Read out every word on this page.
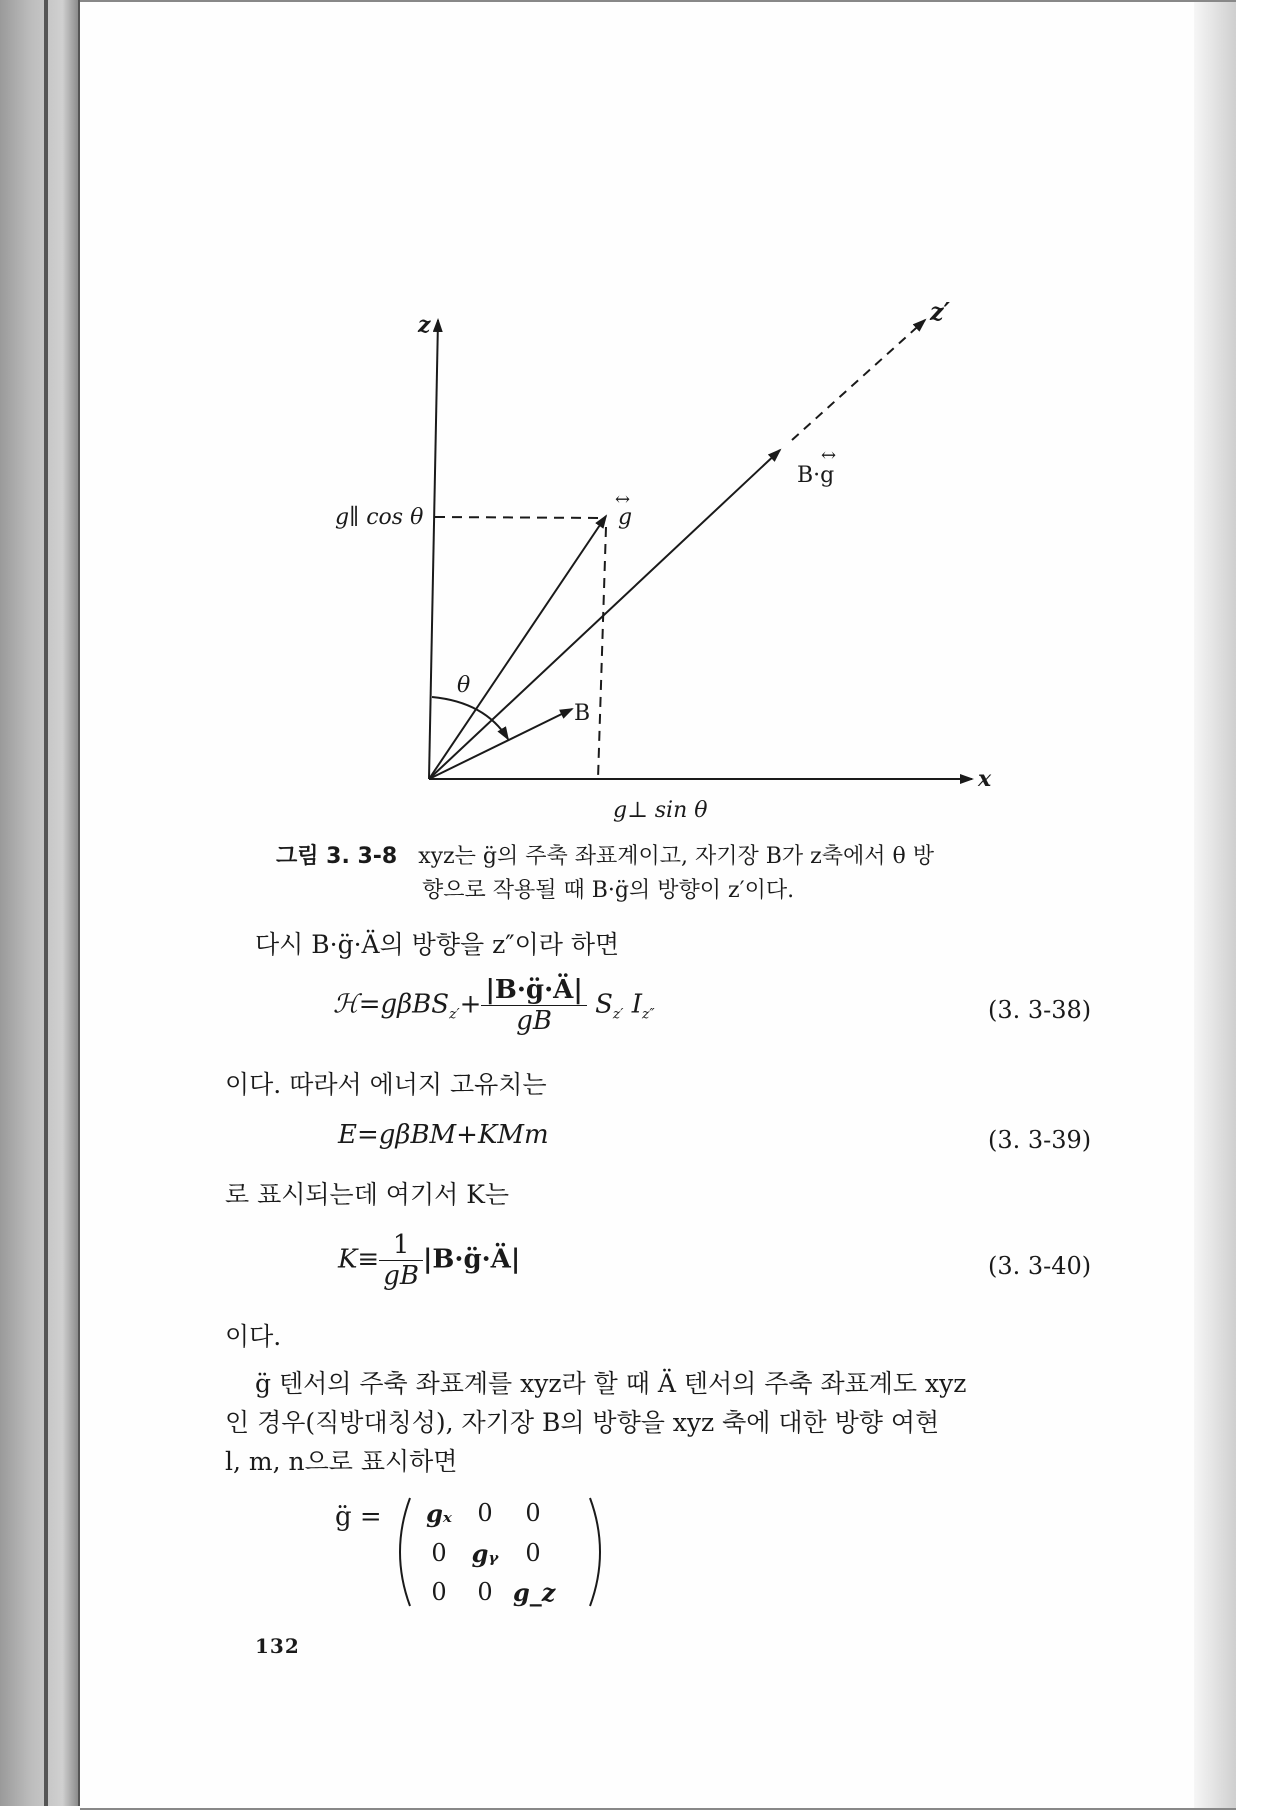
z	z′
x
g∥ cos θ
g⊥ sin θ
↔
g
↔
B·g
θ
B
그림 3. 3-8 xyz는 g̈의 주축 좌표계이고, 자기장 B가 z축에서 θ 방
향으로 작용될 때 B·g̈의 방향이 z′이다.
다시 B·g̈·Ä의 방향을 z″이라 하면
ℋ=gβBS$_{z'}$+ $\frac{|B\cdot g̈\cdot Ä|}{gB} S_{z'}$ $I_{z''}$	(3. 3-38)
이다. 따라서 에너지 고유치는
E=gβBM+KMm	(3. 3-39)
로 표시되는데 여기서 K는
$K\equiv \frac{1}{gB}$ |B·g̈·Ä|	(3. 3-40)
이다.
g̈ 텐서의 주축 좌표계를 xyz라 할 때 Ä 텐서의 주축 좌표계도 xyz
인 경우(직방대칭성), 자기장 B의 방향을 xyz 축에 대한 방향 여현
l, m, n으로 표시하면
g̈ = gₓ	0	0
0	gᵧ	0
0	0 g_z
132
